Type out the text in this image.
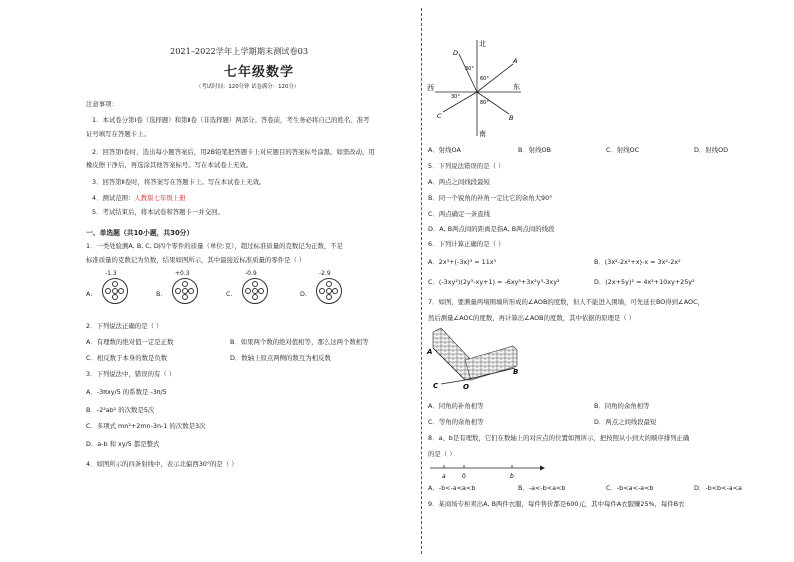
2021–2022学年上学期期末测试卷03
七年级数学
（考试时间：120分钟 试卷满分：120分）
注意事项：
1．本试卷分第Ⅰ卷（选择题）和第Ⅱ卷（非选择题）两部分。答卷前，考生务必将自己的姓名、准考
证号填写在答题卡上。
2．回答第Ⅰ卷时，选出每小题答案后，用2B铅笔把答题卡上对应题目的答案标号涂黑。如需改动，用
橡皮擦干净后，再选涂其他答案标号。写在本试卷上无效。
3．回答第Ⅱ卷时，将答案写在答题卡上。写在本试卷上无效。
4．测试范围：人教版七年级上册
5．考试结束后，将本试卷和答题卡一并交回。
一、单选题（共10小题，共30分）
1．一类处验测A, B, C, D四个零件的质量（单位:克），超过标准质量的克数记为正数，不足
标准质量的克数记为负数，结果如图所示，其中最接近标准质量的零件是（ ）
A.
-1.3
B.
+0.3
C.
-0.9
D.
-2.9
2．下列说法正确的是（ ）
A．有理数的绝对值一定是正数	B．如果两个数的绝对值相等，那么这两个数相等
C．相反数于本身的数是负数	D．数轴上原点两侧的数互为相反数
3．下列说法中，错误的有（ ）
A．-3πxy/5 的系数是 -3π/5
B．-2³ab² 的次数是5次
C．多项式 mn²+2mn-3n-1 的次数是3次
D．a-b 和 xy/5 都是整式
4．如图所示的四条射线中，表示北偏西30°的是（ ）
北
南
西	东
A
B
C
D
30°
60°
30°
80°
A．射线OA	B．射线OB	C．射线OC	D．射线OD
5．下列说法错误的是（ ）
A．两点之间线段最短
B．同一个锐角的补角一定比它的余角大90°
C．两点确定一条直线
D．A, B两点间的距离是指A, B两点间的线段
6．下列计算正确的是（ ）
A．2x³+(-3x)³ = 11x³	B．(3x²-2x²+x)-x = 3x²-2x²
C．(-3xy²)(2y³-xy+1) = -6xy⁵+3x²y³-3xy²	D．(2x+5y)² = 4x²+10xy+25y²
7．如图，要测量两堵围墙所形成的∠AOB的度数，但人不能进入围墙，可先延长BO得到∠AOC，
然后测量∠AOC的度数，再计算出∠AOB的度数，其中依据的原理是（ ）
A
B
C	O
A．同角的补角相等	B．同角的余角相等
C．等角的余角相等	D．两点之间线段最短
8．a、b是有理数，它们在数轴上的对应点的位置如图所示，把按照从小到大的顺序排列正确
的是（ ）
a	0	b
A．-b<-a<a<b	B．-a<-b<a<b	C．-b<a<-a<b	D．-b<b<-a<a
9．某商场专柜卖出A, B两件衣服，每件售价都是600元，其中每件A衣服赚25%，每件B衣
